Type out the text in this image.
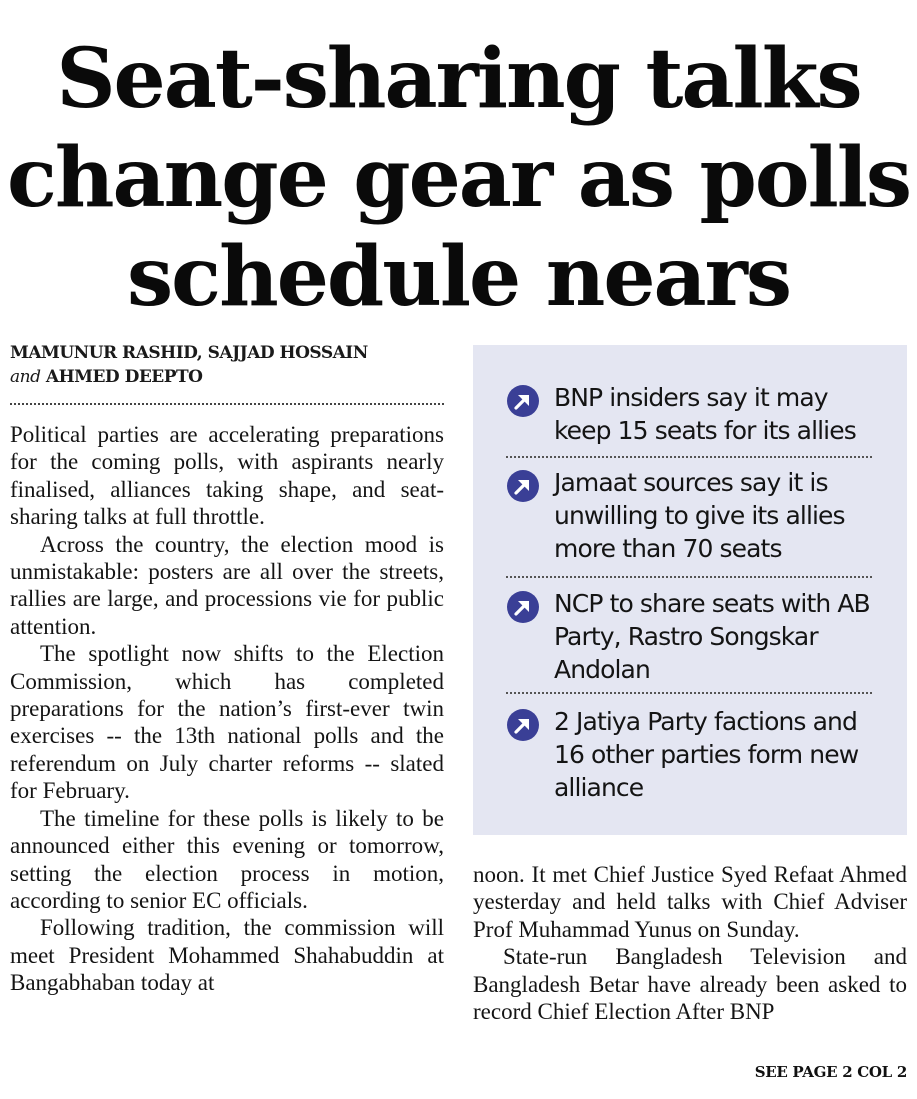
Seat-sharing talks
change gear as polls
schedule nears
MAMUNUR RASHID, SAJJAD HOSSAIN
and AHMED DEEPTO

Political parties are accelerating preparations for the coming polls, with aspirants nearly finalised, alliances taking shape, and seat-sharing talks at full throttle.

Across the country, the election mood is unmistakable: posters are all over the streets, rallies are large, and processions vie for public attention.

The spotlight now shifts to the Election Commission, which has completed preparations for the nation’s first-ever twin exercises -- the 13th national polls and the referendum on July charter reforms -- slated for February.

The timeline for these polls is likely to be announced either this evening or tomorrow, setting the election process in motion, according to senior EC officials.

Following tradition, the commission will meet President Mohammed Shahabuddin at Bangabhaban today at

BNP insiders say it may keep 15 seats for its allies
Jamaat sources say it is unwilling to give its allies more than 70 seats
NCP to share seats with AB Party, Rastro Songskar Andolan
2 Jatiya Party factions and 16 other parties form new alliance

noon. It met Chief Justice Syed Refaat Ahmed yesterday and held talks with Chief Adviser Prof Muhammad Yunus on Sunday.

State-run Bangladesh Television and Bangladesh Betar have already been asked to record Chief Election After BNP

SEE PAGE 2 COL 2
